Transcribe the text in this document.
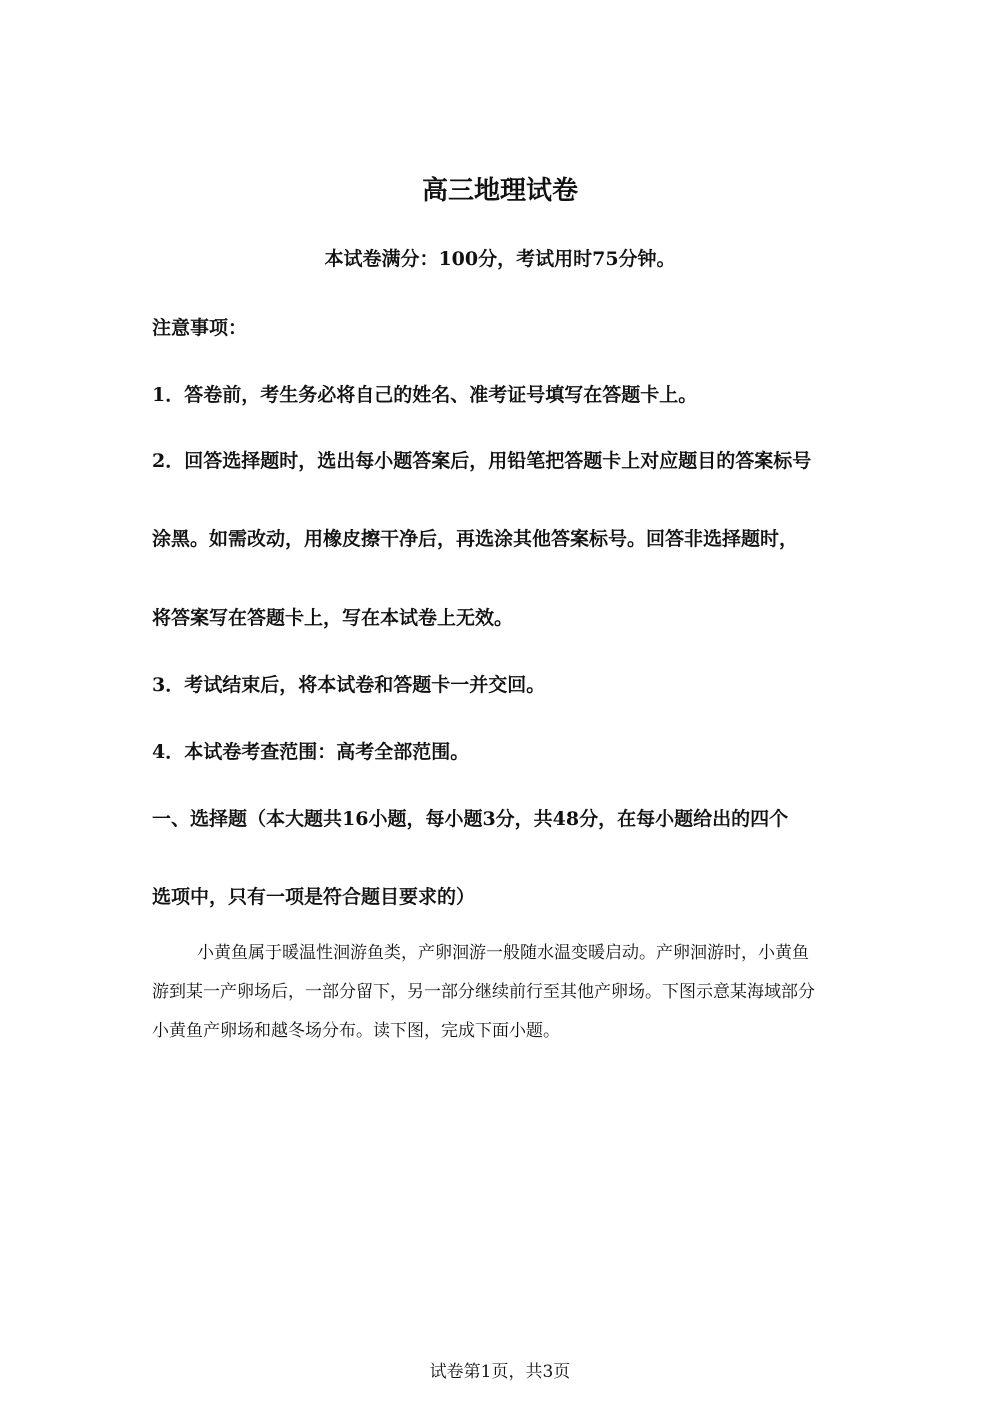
高三地理试卷
本试卷满分：100分，考试用时75分钟。
注意事项：
1．答卷前，考生务必将自己的姓名、准考证号填写在答题卡上。
2．回答选择题时，选出每小题答案后，用铅笔把答题卡上对应题目的答案标号
涂黑。如需改动，用橡皮擦干净后，再选涂其他答案标号。回答非选择题时，
将答案写在答题卡上，写在本试卷上无效。
3．考试结束后，将本试卷和答题卡一并交回。
4．本试卷考查范围：高考全部范围。
一、选择题（本大题共16小题，每小题3分，共48分，在每小题给出的四个
选项中，只有一项是符合题目要求的）

小黄鱼属于暖温性洄游鱼类，产卵洄游一般随水温变暖启动。产卵洄游时，小黄鱼

游到某一产卵场后，一部分留下，另一部分继续前行至其他产卵场。下图示意某海域部分

小黄鱼产卵场和越冬场分布。读下图，完成下面小题。

试卷第1页，共3页
